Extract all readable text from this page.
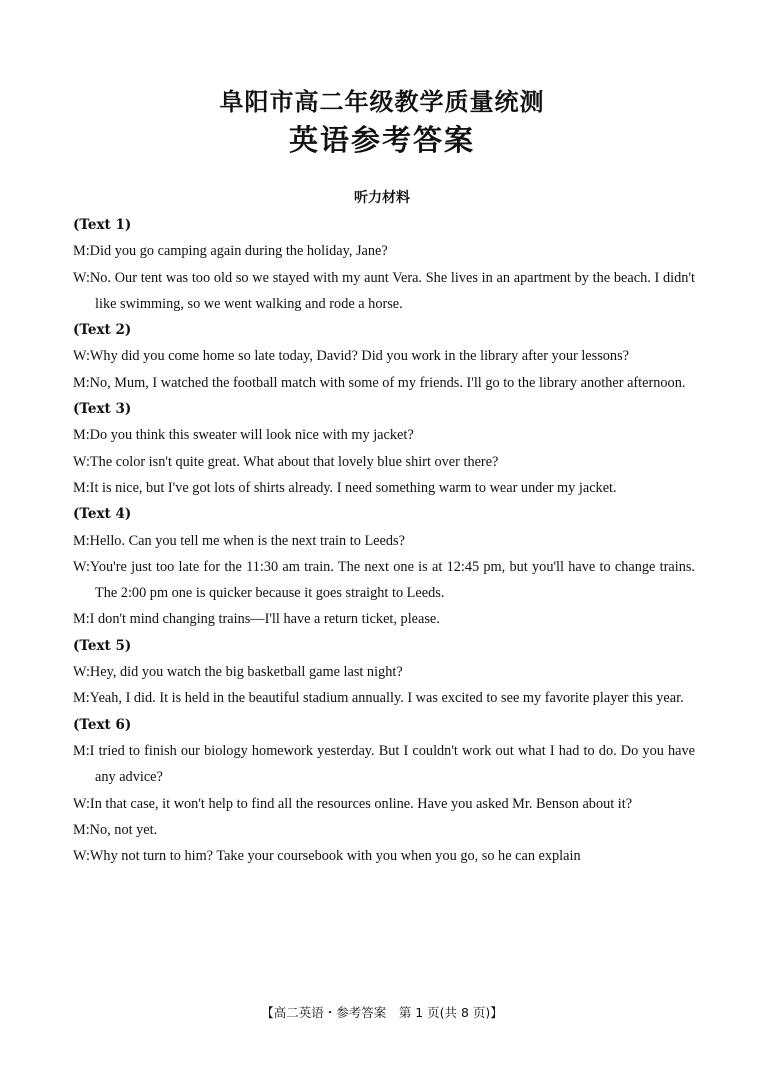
阜阳市高二年级教学质量统测
英语参考答案
听力材料

(Text 1)

M:Did you go camping again during the holiday, Jane?

W:No. Our tent was too old so we stayed with my aunt Vera. She lives in an apartment by the beach. I didn't like swimming, so we went walking and rode a horse.

(Text 2)

W:Why did you come home so late today, David? Did you work in the library after your lessons?

M:No, Mum, I watched the football match with some of my friends. I'll go to the library another afternoon.

(Text 3)

M:Do you think this sweater will look nice with my jacket?

W:The color isn't quite great. What about that lovely blue shirt over there?

M:It is nice, but I've got lots of shirts already. I need something warm to wear under my jacket.

(Text 4)

M:Hello. Can you tell me when is the next train to Leeds?

W:You're just too late for the 11:30 am train. The next one is at 12:45 pm, but you'll have to change trains. The 2:00 pm one is quicker because it goes straight to Leeds.

M:I don't mind changing trains—I'll have a return ticket, please.

(Text 5)

W:Hey, did you watch the big basketball game last night?

M:Yeah, I did. It is held in the beautiful stadium annually. I was excited to see my favorite player this year.

(Text 6)

M:I tried to finish our biology homework yesterday. But I couldn't work out what I had to do. Do you have any advice?

W:In that case, it won't help to find all the resources online. Have you asked Mr. Benson about it?

M:No, not yet.

W:Why not turn to him? Take your coursebook with you when you go, so he can explain

【高二英语・参考答案　第 1 页(共 8 页)】
